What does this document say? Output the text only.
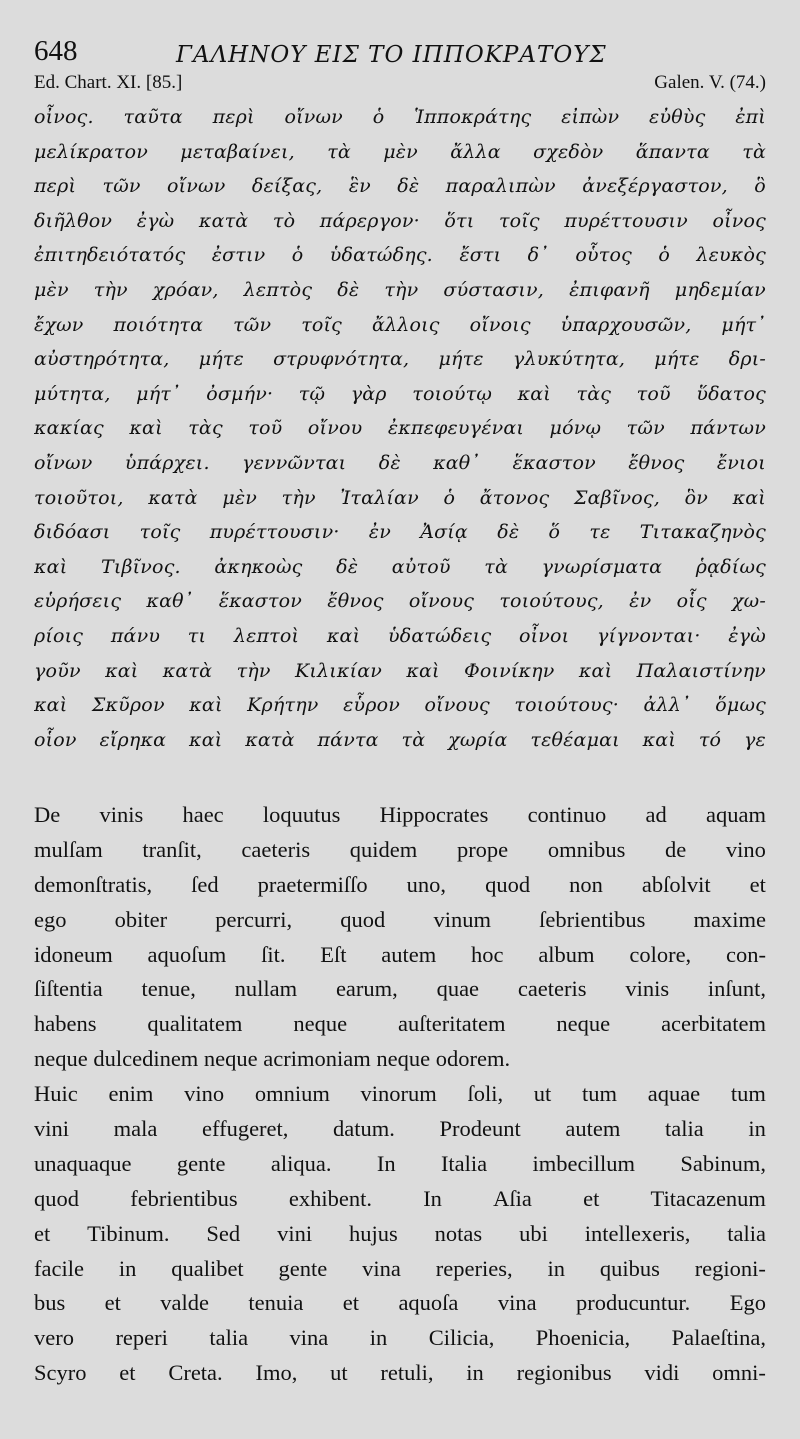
648	ΓΑΛΗΝΟΥ ΕΙΣ ΤΟ ΙΠΠΟΚΡΑΤΟΥΣ
Ed. Chart. XI. [85.]	Galen. V. (74.)
οἶνος. ταῦτα περὶ οἴνων ὁ Ἱπποκράτης εἰπὼν εὐθὺς ἐπὶ
μελίκρατον μεταβαίνει, τὰ μὲν ἄλλα σχεδὸν ἅπαντα τὰ
περὶ τῶν οἴνων δείξας, ἓν δὲ παραλιπὼν ἀνεξέργαστον, ὃ
διῆλθον ἐγὼ κατὰ τὸ πάρεργον· ὅτι τοῖς πυρέττουσιν οἶνος
ἐπιτηδειότατός ἐστιν ὁ ὑδατώδης. ἔστι δ᾽ οὗτος ὁ λευκὸς
μὲν τὴν χρόαν, λεπτὸς δὲ τὴν σύστασιν, ἐπιφανῆ μηδεμίαν
ἔχων ποιότητα τῶν τοῖς ἄλλοις οἴνοις ὑπαρχουσῶν, μήτ᾽
αὐστηρότητα, μήτε στρυφνότητα, μήτε γλυκύτητα, μήτε δρι-
μύτητα, μήτ᾽ ὀσμήν· τῷ γὰρ τοιούτῳ καὶ τὰς τοῦ ὕδατος
κακίας καὶ τὰς τοῦ οἴνου ἐκπεφευγέναι μόνῳ τῶν πάντων
οἴνων ὑπάρχει. γεννῶνται δὲ καθ᾽ ἕκαστον ἔθνος ἔνιοι
τοιοῦτοι, κατὰ μὲν τὴν Ἰταλίαν ὁ ἄτονος Σαβῖνος, ὃν καὶ
διδόασι τοῖς πυρέττουσιν· ἐν Ἀσίᾳ δὲ ὅ τε Τιτακαζηνὸς
καὶ Τιβῖνος. ἀκηκοὼς δὲ αὐτοῦ τὰ γνωρίσματα ῥᾳδίως
εὑρήσεις καθ᾽ ἕκαστον ἔθνος οἴνους τοιούτους, ἐν οἷς χω-
ρίοις πάνυ τι λεπτοὶ καὶ ὑδατώδεις οἶνοι γίγνονται· ἐγὼ
γοῦν καὶ κατὰ τὴν Κιλικίαν καὶ Φοινίκην καὶ Παλαιστίνην
καὶ Σκῦρον καὶ Κρήτην εὗρον οἴνους τοιούτους· ἀλλ᾽ ὅμως
οἷον εἴρηκα καὶ κατὰ πάντα τὰ χωρία τεθέαμαι καὶ τό γε
De vinis haec loquutus Hippocrates continuo ad aquam
mulſam tranſit, caeteris quidem prope omnibus de vino
demonſtratis, ſed praetermiſſo uno, quod non abſolvit et
ego obiter percurri, quod vinum ſebrientibus maxime
idoneum aquoſum ſit. Eſt autem hoc album colore, con-
ſiſtentia tenue, nullam earum, quae caeteris vinis inſunt,
habens qualitatem neque auſteritatem neque acerbitatem
neque dulcedinem neque acrimoniam neque odorem.
Huic enim vino omnium vinorum ſoli, ut tum aquae tum
vini mala effugeret, datum. Prodeunt autem talia in
unaquaque gente aliqua. In Italia imbecillum Sabinum,
quod febrientibus exhibent. In Aſia et Titacazenum
et Tibinum. Sed vini hujus notas ubi intellexeris, talia
facile in qualibet gente vina reperies, in quibus regioni-
bus et valde tenuia et aquoſa vina producuntur. Ego
vero reperi talia vina in Cilicia, Phoenicia, Palaeſtina,
Scyro et Creta. Imo, ut retuli, in regionibus vidi omni-
